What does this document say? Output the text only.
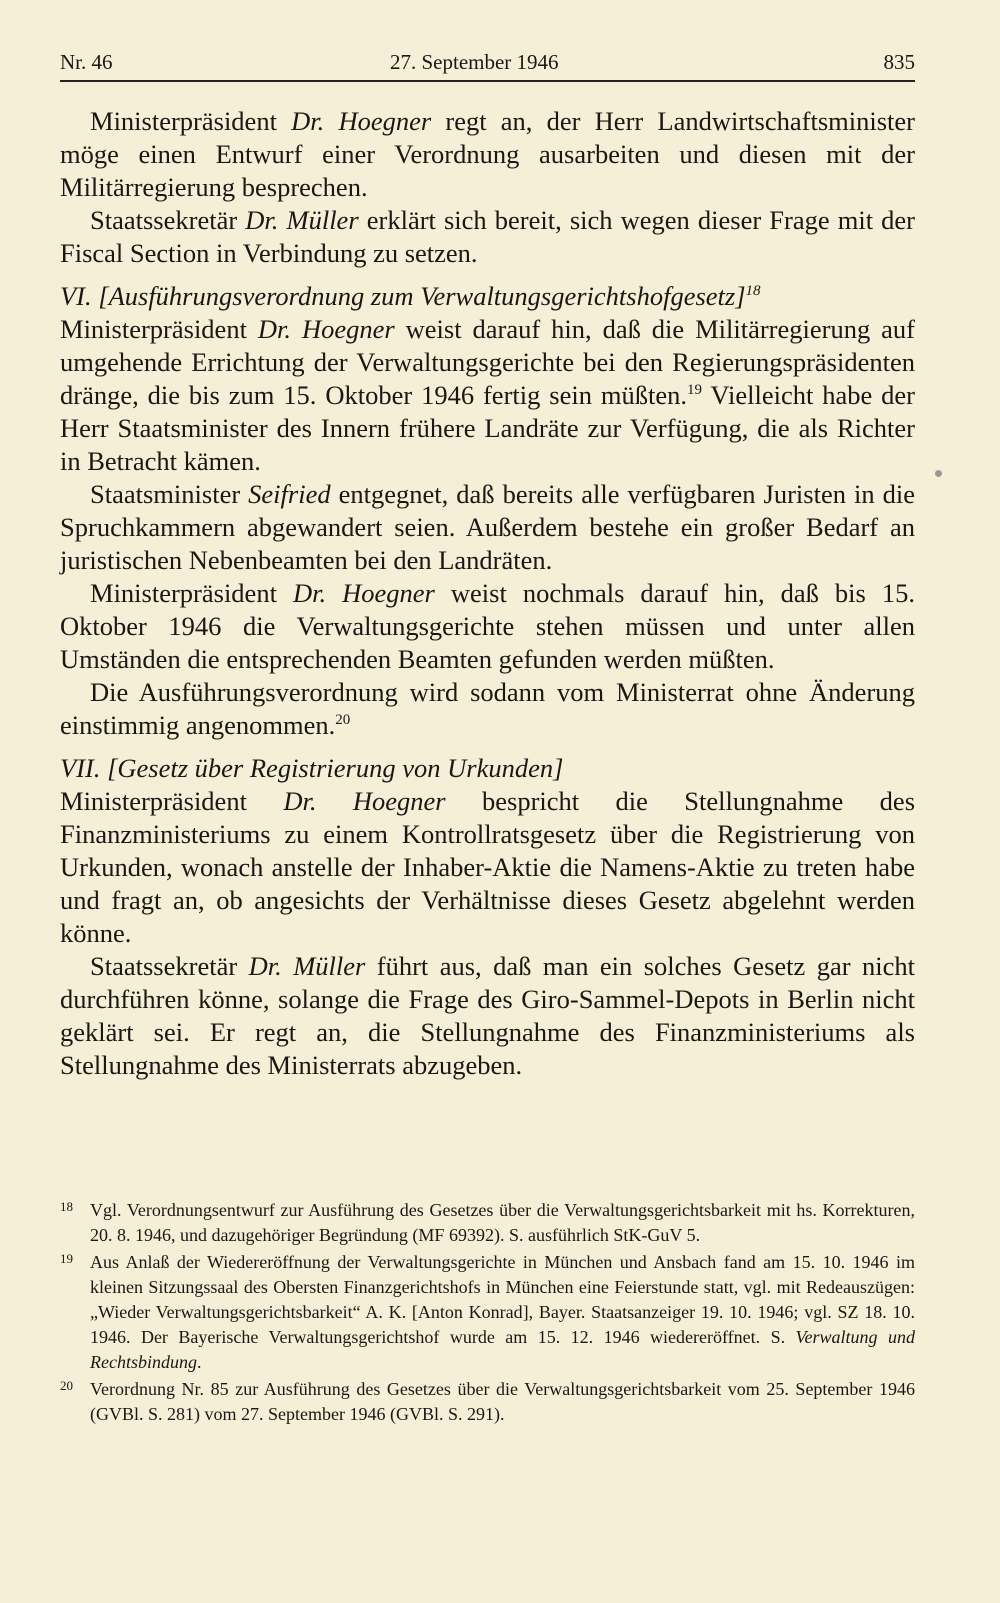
Nr. 46	27. September 1946	835

Ministerpräsident Dr. Hoegner regt an, der Herr Landwirtschaftsminister möge einen Entwurf einer Verordnung ausarbeiten und diesen mit der Militärregierung besprechen.

Staatssekretär Dr. Müller erklärt sich bereit, sich wegen dieser Frage mit der Fiscal Section in Verbindung zu setzen.

VI. [Ausführungsverordnung zum Verwaltungsgerichtshofgesetz]$^{18}$

Ministerpräsident Dr. Hoegner weist darauf hin, daß die Militärregierung auf umgehende Errichtung der Verwaltungsgerichte bei den Regierungspräsidenten dränge, die bis zum 15. Oktober 1946 fertig sein müßten.$^{19}$ Vielleicht habe der Herr Staatsminister des Innern frühere Landräte zur Verfügung, die als Richter in Betracht kämen.

Staatsminister Seifried entgegnet, daß bereits alle verfügbaren Juristen in die Spruchkammern abgewandert seien. Außerdem bestehe ein großer Bedarf an juristischen Nebenbeamten bei den Landräten.

Ministerpräsident Dr. Hoegner weist nochmals darauf hin, daß bis 15. Oktober 1946 die Verwaltungsgerichte stehen müssen und unter allen Umständen die entsprechenden Beamten gefunden werden müßten.

Die Ausführungsverordnung wird sodann vom Ministerrat ohne Änderung einstimmig angenommen.$^{20}$

VII. [Gesetz über Registrierung von Urkunden]

Ministerpräsident Dr. Hoegner bespricht die Stellungnahme des Finanzministeriums zu einem Kontrollratsgesetz über die Registrierung von Urkunden, wonach anstelle der Inhaber-Aktie die Namens-Aktie zu treten habe und fragt an, ob angesichts der Verhältnisse dieses Gesetz abgelehnt werden könne.

Staatssekretär Dr. Müller führt aus, daß man ein solches Gesetz gar nicht durchführen könne, solange die Frage des Giro-Sammel-Depots in Berlin nicht geklärt sei. Er regt an, die Stellungnahme des Finanzministeriums als Stellungnahme des Ministerrats abzugeben.

18 Vgl. Verordnungsentwurf zur Ausführung des Gesetzes über die Verwaltungsgerichtsbarkeit mit hs. Korrekturen, 20. 8. 1946, und dazugehöriger Begründung (MF 69392). S. ausführlich StK-GuV 5.
19 Aus Anlaß der Wiedereröffnung der Verwaltungsgerichte in München und Ansbach fand am 15. 10. 1946 im kleinen Sitzungssaal des Obersten Finanzgerichtshofs in München eine Feierstunde statt, vgl. mit Redeauszügen: „Wieder Verwaltungsgerichtsbarkeit“ A. K. [Anton Konrad], Bayer. Staatsanzeiger 19. 10. 1946; vgl. SZ 18. 10. 1946. Der Bayerische Verwaltungsgerichtshof wurde am 15. 12. 1946 wiedereröffnet. S. Verwaltung und Rechtsbindung.
20 Verordnung Nr. 85 zur Ausführung des Gesetzes über die Verwaltungsgerichtsbarkeit vom 25. September 1946 (GVBl. S. 281) vom 27. September 1946 (GVBl. S. 291).
